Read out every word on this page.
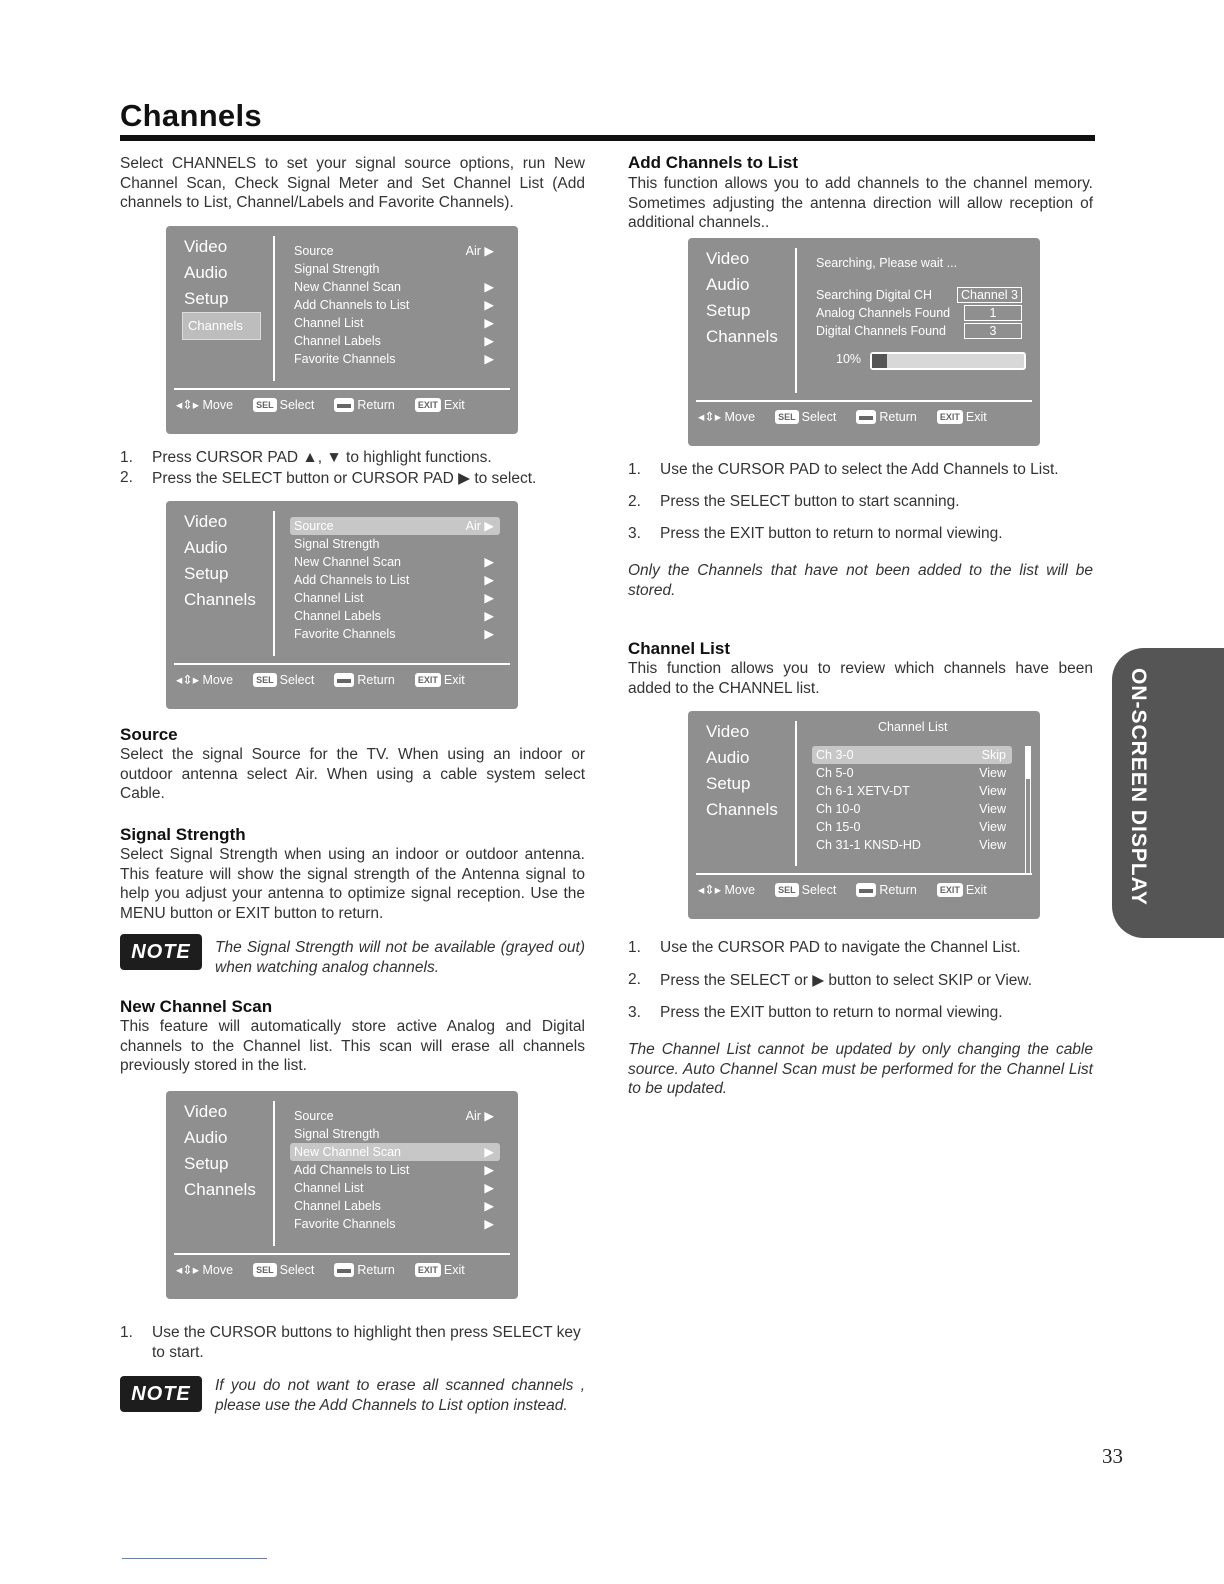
Channels
Select CHANNELS to set your signal source options, run New Channel Scan, Check Signal Meter and Set Channel List (Add channels to List, Channel/Labels and Favorite Channels).
Video
Audio
Setup
Channels
Source	Air ▶
Signal Strength
New Channel Scan	▶
Add Channels to List	▶
Channel List	▶
Channel Labels	▶
Favorite Channels	▶
◂⇕▸
Move	SEL Select	Return	EXIT Exit
1. Press CURSOR PAD ▲, ▼ to highlight functions.
2. Press the SELECT button or CURSOR PAD ▶ to select.
Video
Audio
Setup
Channels
Source	Air ▶
Signal Strength
New Channel Scan	▶
Add Channels to List	▶
Channel List	▶
Channel Labels	▶
Favorite Channels	▶
◂⇕▸
Move	SEL Select	Return	EXIT Exit
Source
Select the signal Source for the TV. When using an indoor or outdoor antenna select Air. When using a cable system select Cable.
Signal Strength
Select Signal Strength when using an indoor or outdoor antenna. This feature will show the signal strength of the Antenna signal to help you adjust your antenna to optimize signal reception. Use the MENU button or EXIT button to return.
NOTE	The Signal Strength will not be available (grayed out) when watching analog channels.
New Channel Scan
This feature will automatically store active Analog and Digital channels to the Channel list. This scan will erase all channels previously stored in the list.
Video
Audio
Setup
Channels
Source	Air ▶
Signal Strength
New Channel Scan	▶
Add Channels to List	▶
Channel List	▶
Channel Labels	▶
Favorite Channels	▶
◂⇕▸
Move	SEL Select	Return	EXIT Exit
1. Use the CURSOR buttons to highlight then press SELECT key to start.
NOTE	If you do not want to erase all scanned channels , please use the Add Channels to List option instead.
Add Channels to List
This function allows you to add channels to the channel memory. Sometimes adjusting the antenna direction will allow reception of additional channels..
Video
Audio
Setup
Channels
Searching, Please wait ...
Searching Digital CH	Channel 3
Analog Channels Found	1
Digital Channels Found	3
10%
◂⇕▸
Move	SEL Select	Return	EXIT Exit
1. Use the CURSOR PAD to select the Add Channels to List.
2. Press the SELECT button to start scanning.
3. Press the EXIT button to return to normal viewing.
Only the Channels that have not been added to the list will be stored.
Channel List
This function allows you to review which channels have been added to the CHANNEL list.
Video
Audio
Setup
Channels
Channel List
Ch 3-0	Skip
Ch 5-0	View
Ch 6-1 XETV-DT	View
Ch 10-0	View
Ch 15-0	View
Ch 31-1 KNSD-HD	View
◂⇕▸
Move	SEL Select	Return	EXIT Exit
1. Use the CURSOR PAD to navigate the Channel List.
2. Press the SELECT or ▶ button to select SKIP or View.
3. Press the EXIT button to return to normal viewing.
The Channel List cannot be updated by only changing the cable source. Auto Channel Scan must be performed for the Channel List to be updated.
ON-SCREEN DISPLAY
33
